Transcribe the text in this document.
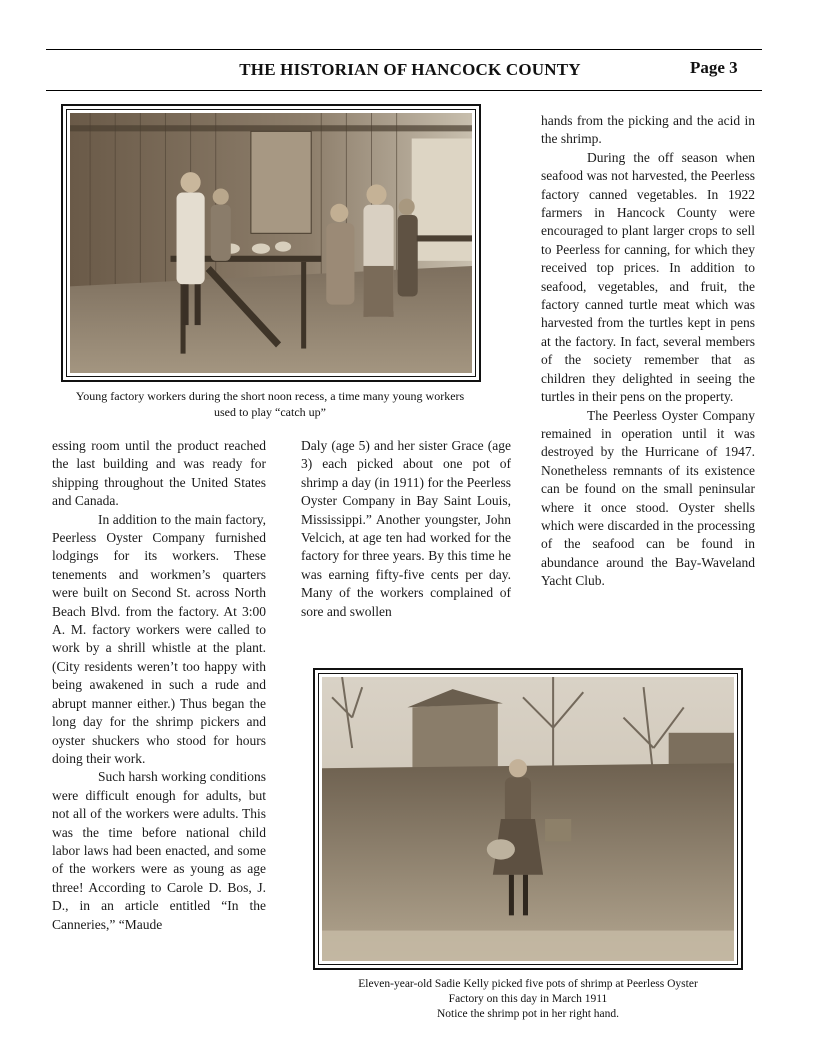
THE HISTORIAN OF HANCOCK COUNTY	Page 3
Young factory workers during the short noon recess, a time many young workers used to play “catch up”

essing room until the product reached the last building and was ready for shipping throughout the United States and Canada.

In addition to the main factory, Peerless Oyster Company furnished lodgings for its workers. These tenements and workmen’s quarters were built on Second St. across North Beach Blvd. from the factory. At 3:00 A. M. factory workers were called to work by a shrill whistle at the plant. (City residents weren’t too happy with being awakened in such a rude and abrupt manner either.) Thus began the long day for the shrimp pickers and oyster shuckers who stood for hours doing their work.

Such harsh working conditions were difficult enough for adults, but not all of the workers were adults. This was the time before national child labor laws had been enacted, and some of the workers were as young as age three! According to Carole D. Bos, J. D., in an article entitled “In the Canneries,” “Maude

Daly (age 5) and her sister Grace (age 3) each picked about one pot of shrimp a day (in 1911) for the Peerless Oyster Company in Bay Saint Louis, Mississippi.” Another youngster, John Velcich, at age ten had worked for the factory for three years. By this time he was earning fifty-five cents per day. Many of the workers complained of sore and swollen

hands from the picking and the acid in the shrimp.

During the off season when seafood was not harvested, the Peerless factory canned vegetables. In 1922 farmers in Hancock County were encouraged to plant larger crops to sell to Peerless for canning, for which they received top prices. In addition to seafood, vegetables, and fruit, the factory canned turtle meat which was harvested from the turtles kept in pens at the factory. In fact, several members of the society remember that as children they delighted in seeing the turtles in their pens on the property.

The Peerless Oyster Company remained in operation until it was destroyed by the Hurricane of 1947. Nonetheless remnants of its existence can be found on the small peninsular where it once stood. Oyster shells which were discarded in the processing of the seafood can be found in abundance around the Bay-Waveland Yacht Club.

Eleven-year-old Sadie Kelly picked five pots of shrimp at Peerless Oyster
Factory on this day in March 1911
Notice the shrimp pot in her right hand.
